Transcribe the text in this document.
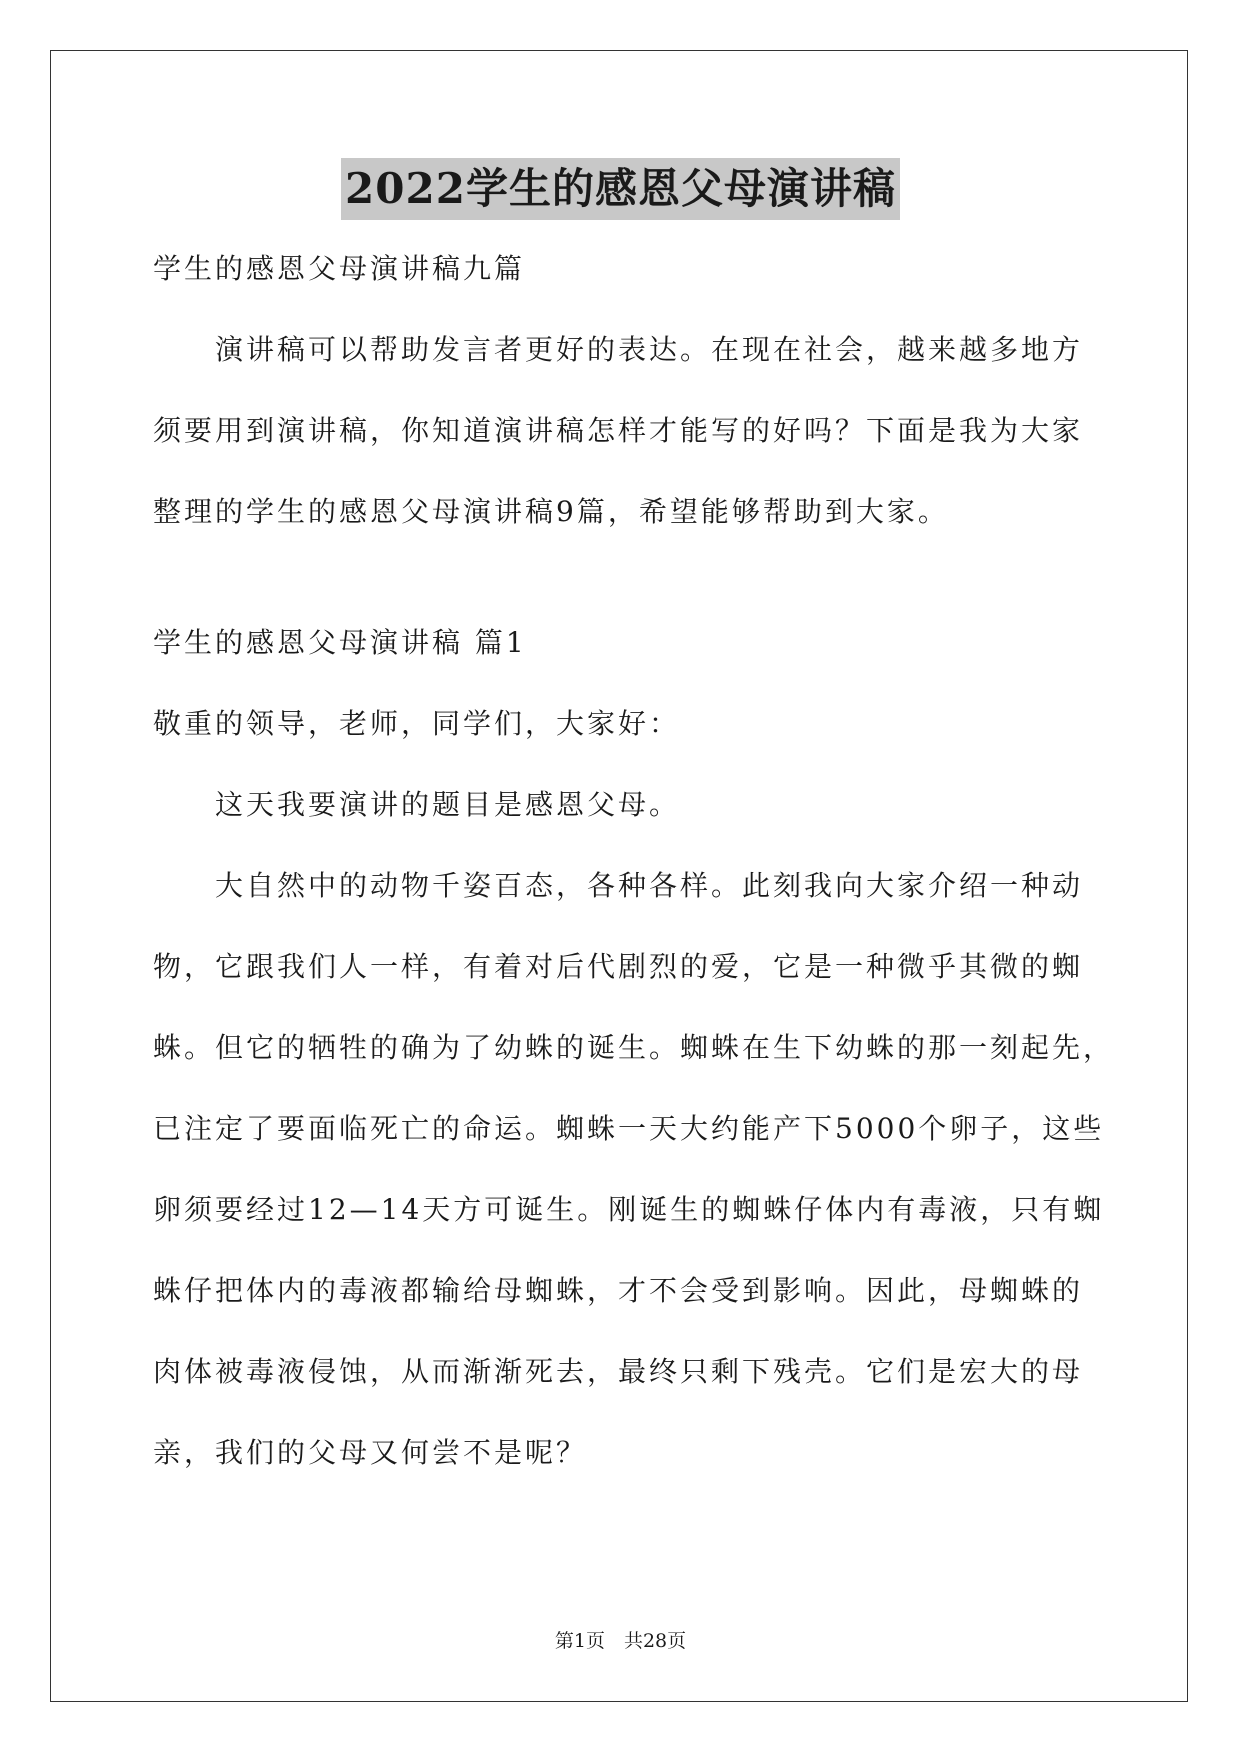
2022学生的感恩父母演讲稿

学生的感恩父母演讲稿九篇

演讲稿可以帮助发言者更好的表达。在现在社会，越来越多地方

须要用到演讲稿，你知道演讲稿怎样才能写的好吗？下面是我为大家

整理的学生的感恩父母演讲稿9篇，希望能够帮助到大家。

学生的感恩父母演讲稿 篇1

敬重的领导，老师，同学们，大家好：

这天我要演讲的题目是感恩父母。

大自然中的动物千姿百态，各种各样。此刻我向大家介绍一种动

物，它跟我们人一样，有着对后代剧烈的爱，它是一种微乎其微的蜘

蛛。但它的牺牲的确为了幼蛛的诞生。蜘蛛在生下幼蛛的那一刻起先，

已注定了要面临死亡的命运。蜘蛛一天大约能产下5000个卵子，这些

卵须要经过12—14天方可诞生。刚诞生的蜘蛛仔体内有毒液，只有蜘

蛛仔把体内的毒液都输给母蜘蛛，才不会受到影响。因此，母蜘蛛的

肉体被毒液侵蚀，从而渐渐死去，最终只剩下残壳。它们是宏大的母

亲，我们的父母又何尝不是呢？

第1页　共28页
